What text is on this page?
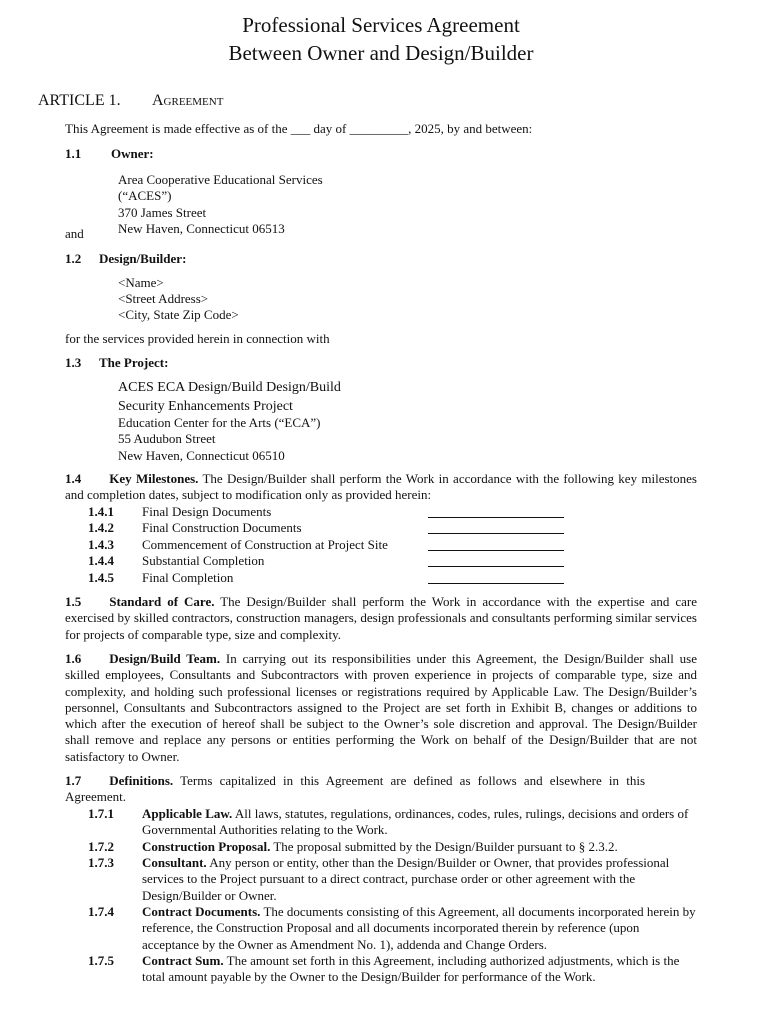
Professional Services Agreement
Between Owner and Design/Builder
ARTICLE 1. Agreement
This Agreement is made effective as of the ___ day of _________, 2025, by and between:
1.1 Owner:
Area Cooperative Educational Services
(“ACES”)
370 James Street
New Haven, Connecticut 06513
and
1.2 Design/Builder:
<Name>
<Street Address>
<City, State Zip Code>
for the services provided herein in connection with
1.3 The Project:
ACES ECA Design/Build Design/Build
Security Enhancements Project
Education Center for the Arts (“ECA”)
55 Audubon Street
New Haven, Connecticut 06510
1.4 Key Milestones. The Design/Builder shall perform the Work in accordance with the following key milestones and completion dates, subject to modification only as provided herein:
1.4.1 Final Design Documents
1.4.2 Final Construction Documents
1.4.3 Commencement of Construction at Project Site
1.4.4 Substantial Completion
1.4.5 Final Completion
1.5 Standard of Care. The Design/Builder shall perform the Work in accordance with the expertise and care exercised by skilled contractors, construction managers, design professionals and consultants performing similar services for projects of comparable type, size and complexity.
1.6 Design/Build Team. In carrying out its responsibilities under this Agreement, the Design/Builder shall use skilled employees, Consultants and Subcontractors with proven experience in projects of comparable type, size and complexity, and holding such professional licenses or registrations required by Applicable Law. The Design/Builder’s personnel, Consultants and Subcontractors assigned to the Project are set forth in Exhibit B, changes or additions to which after the execution of hereof shall be subject to the Owner’s sole discretion and approval. The Design/Builder shall remove and replace any persons or entities performing the Work on behalf of the Design/Builder that are not satisfactory to Owner.
1.7 Definitions. Terms capitalized in this Agreement are defined as follows and elsewhere in this Agreement.
1.7.1 Applicable Law. All laws, statutes, regulations, ordinances, codes, rules, rulings, decisions and orders of Governmental Authorities relating to the Work.
1.7.2 Construction Proposal. The proposal submitted by the Design/Builder pursuant to § 2.3.2.
1.7.3 Consultant. Any person or entity, other than the Design/Builder or Owner, that provides professional services to the Project pursuant to a direct contract, purchase order or other agreement with the Design/Builder or Owner.
1.7.4 Contract Documents. The documents consisting of this Agreement, all documents incorporated herein by reference, the Construction Proposal and all documents incorporated therein by reference (upon acceptance by the Owner as Amendment No. 1), addenda and Change Orders.
1.7.5 Contract Sum. The amount set forth in this Agreement, including authorized adjustments, which is the total amount payable by the Owner to the Design/Builder for performance of the Work.
